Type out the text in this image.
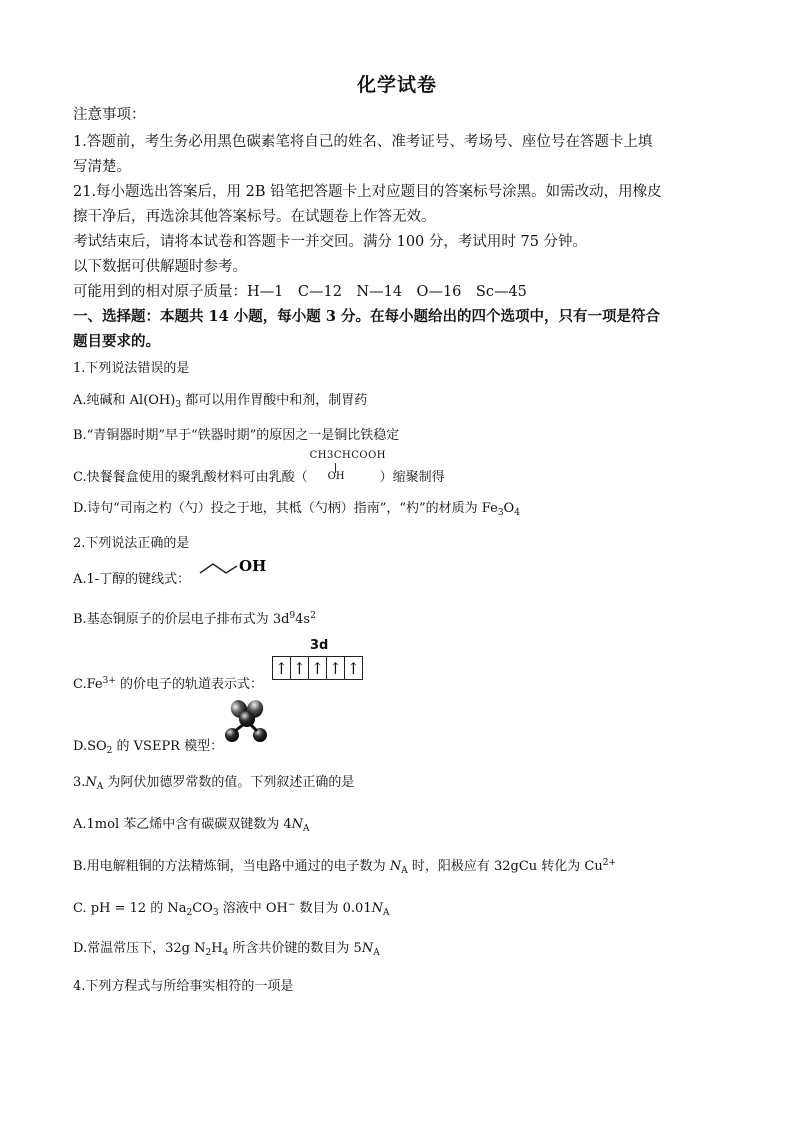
化学试卷
注意事项：
1.答题前，考生务必用黑色碳素笔将自己的姓名、准考证号、考场号、座位号在答题卡上填
写清楚。
21.每小题选出答案后，用 2B 铅笔把答题卡上对应题目的答案标号涂黑。如需改动，用橡皮
擦干净后，再选涂其他答案标号。在试题卷上作答无效。
考试结束后，请将本试卷和答题卡一并交回。满分 100 分，考试用时 75 分钟。
以下数据可供解题时参考。
可能用到的相对原子质量：H—1　C—12　N—14　O—16　Sc—45
一、选择题：本题共 14 小题，每小题 3 分。在每小题给出的四个选项中，只有一项是符合
题目要求的。
1.下列说法错误的是
A.纯碱和 $Al(OH)_3$ 都可以用作胃酸中和剂，制胃药
B.“青铜器时期”早于“铁器时期”的原因之一是铜比铁稳定
C.快餐餐盒使用的聚乳酸材料可由乳酸（
CH3CHCOOH
OH	）缩聚制得
D.诗句“司南之杓（勺）投之于地，其柢（勺柄）指南”，“杓”的材质为 $Fe_3O_4$
2.下列说法正确的是
A.1-丁醇的键线式：
OH
B.基态铜原子的价层电子排布式为 $3d^94s^2$
$C.Fe^{3+}$ 的价电子的轨道表示式：
3d
↑ ↑ ↑ ↑ ↑
$D.SO_2$ 的 VSEPR 模型：
$3.N_A$ 为阿伏加德罗常数的值。下列叙述正确的是
A.1mol 苯乙烯中含有碳碳双键数为 $4N_A$
B.用电解粗铜的方法精炼铜，当电路中通过的电子数为 $N_A$ 时，阳极应有 32gCu 转化为 $Cu^{2+}$
C. pH = 12 的 $Na_2CO_3$ 溶液中 OH− 数目为 $0.01N_A$
D.常温常压下，32g $N_2H_4$ 所含共价键的数目为 $5N_A$
4.下列方程式与所给事实相符的一项是
